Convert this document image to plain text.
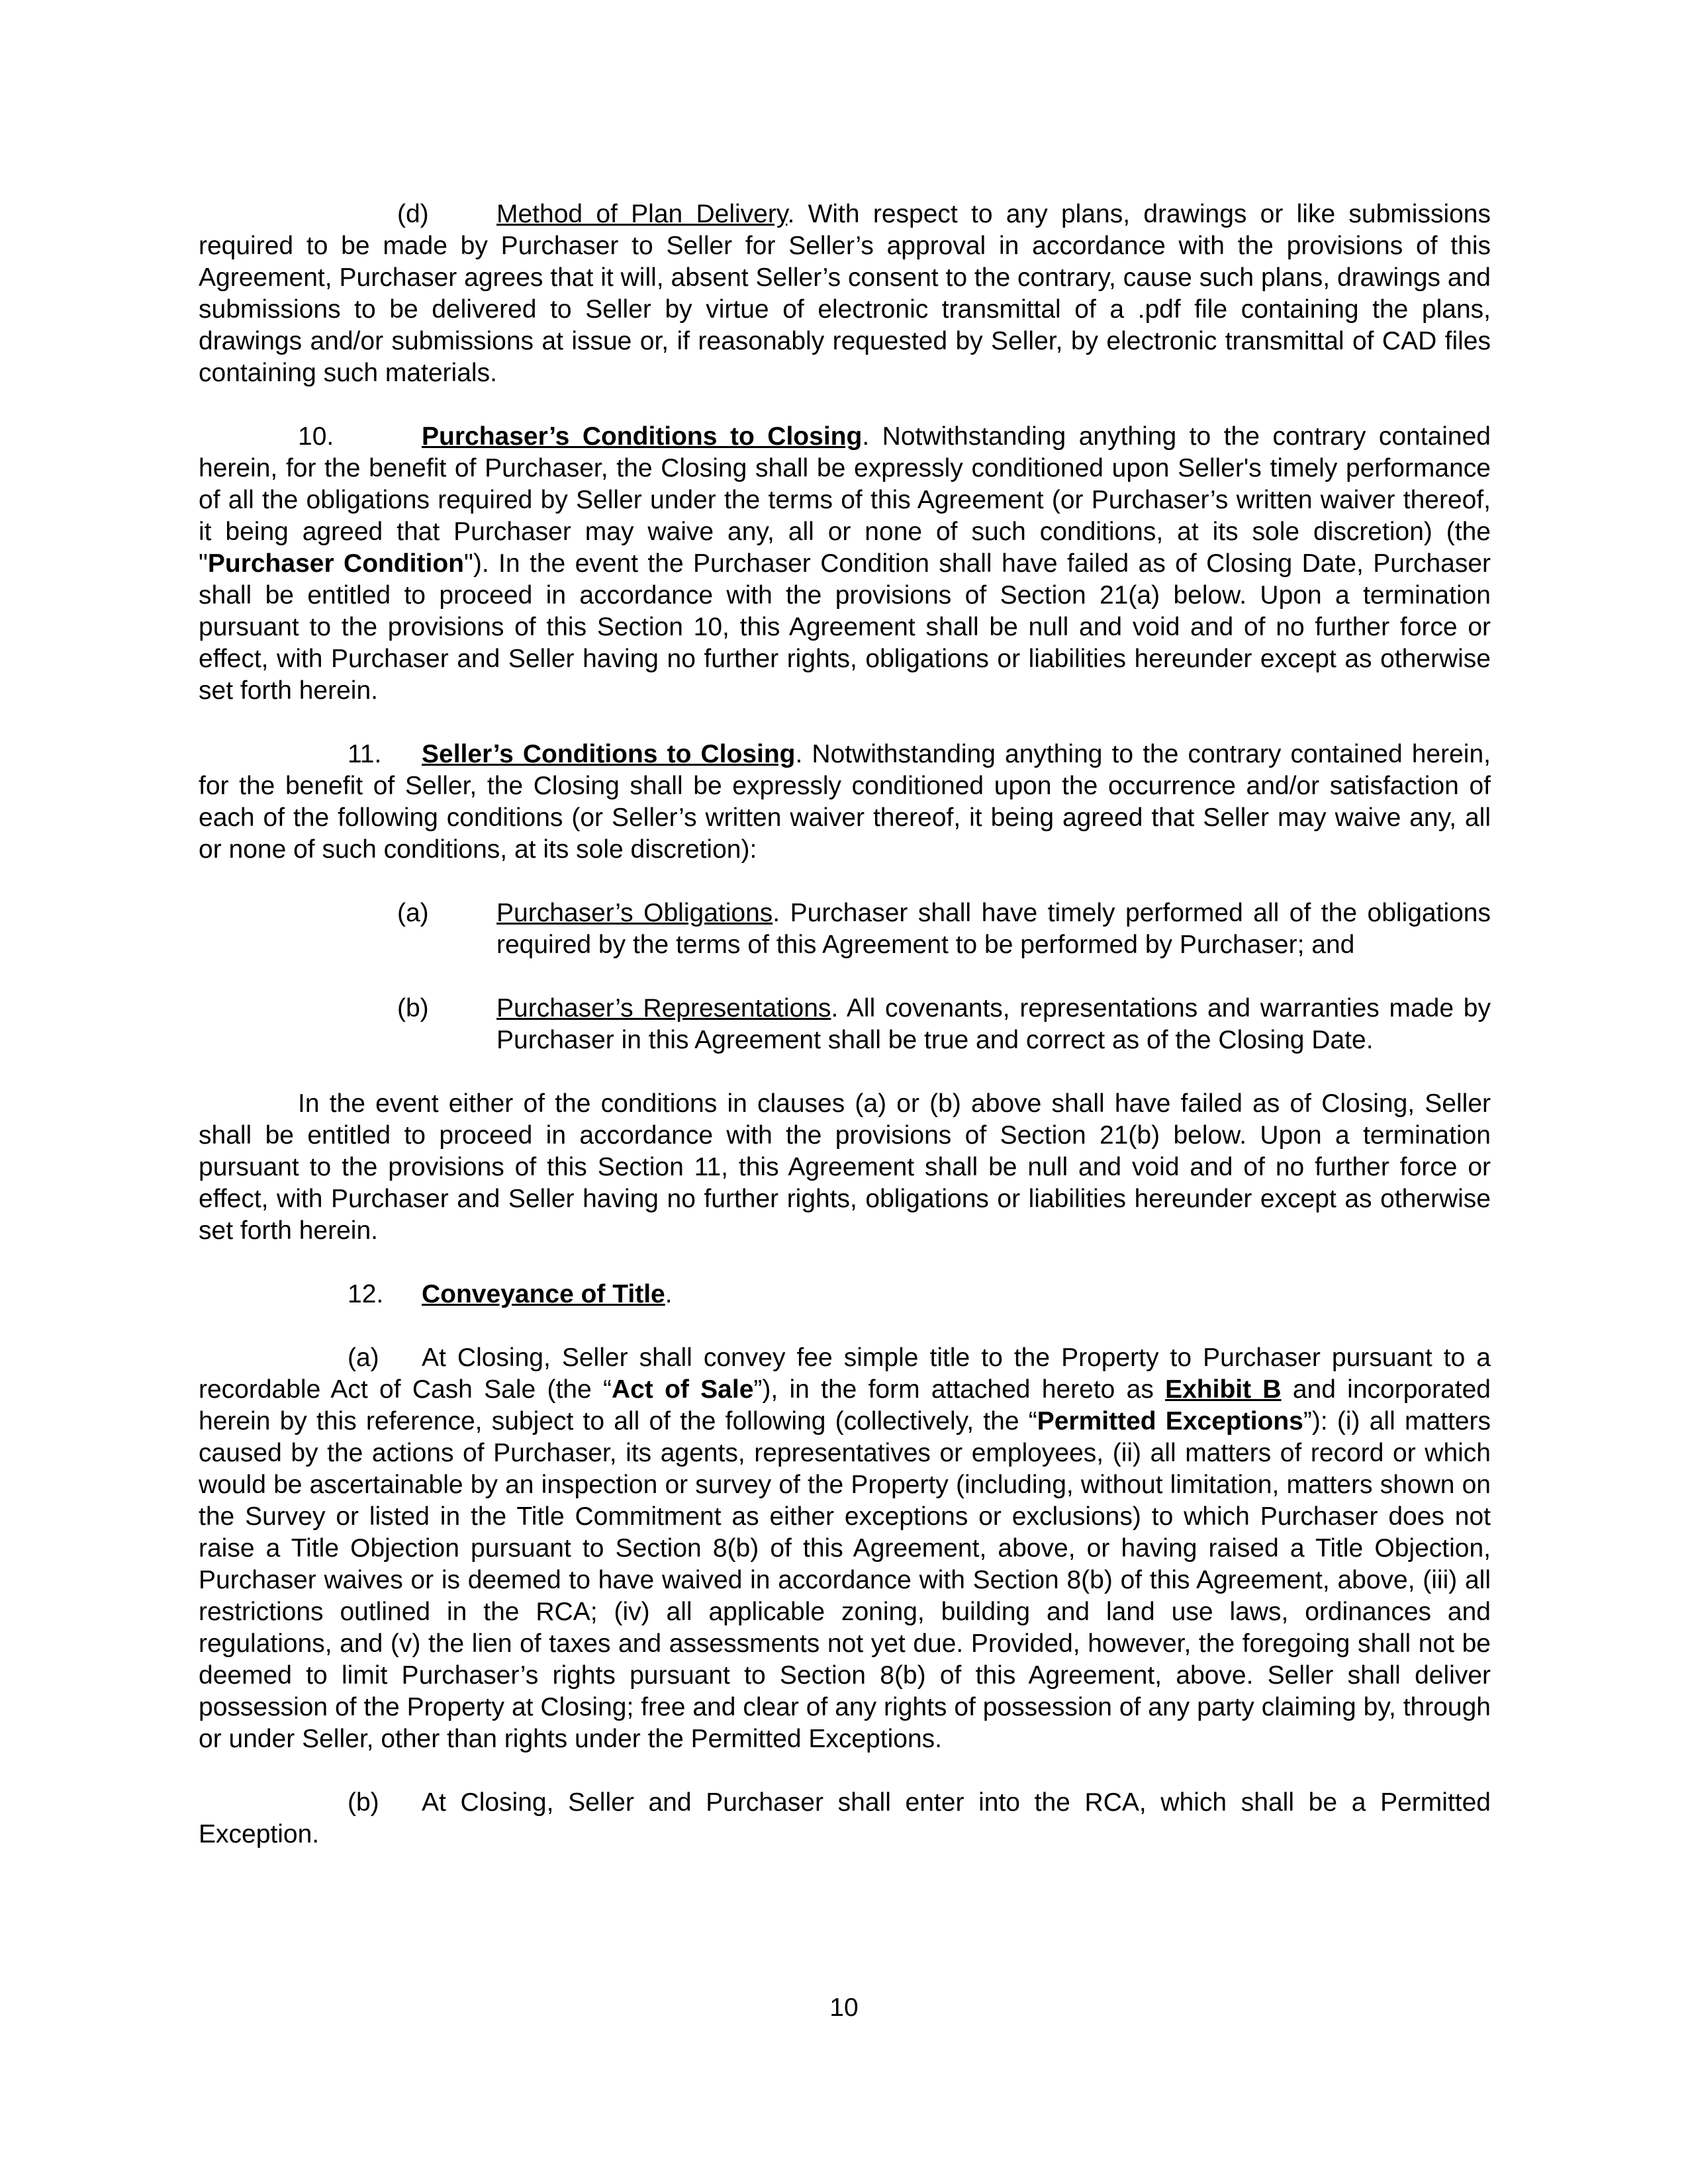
(d)	Method of Plan Delivery. With respect to any plans, drawings or like submissions required to be made by Purchaser to Seller for Seller’s approval in accordance with the provisions of this Agreement, Purchaser agrees that it will, absent Seller’s consent to the contrary, cause such plans, drawings and submissions to be delivered to Seller by virtue of electronic transmittal of a .pdf file containing the plans, drawings and/or submissions at issue or, if reasonably requested by Seller, by electronic transmittal of CAD files containing such materials.

10.	Purchaser’s Conditions to Closing. Notwithstanding anything to the contrary contained herein, for the benefit of Purchaser, the Closing shall be expressly conditioned upon Seller's timely performance of all the obligations required by Seller under the terms of this Agreement (or Purchaser’s written waiver thereof, it being agreed that Purchaser may waive any, all or none of such conditions, at its sole discretion) (the "Purchaser Condition"). In the event the Purchaser Condition shall have failed as of Closing Date, Purchaser shall be entitled to proceed in accordance with the provisions of Section 21(a) below. Upon a termination pursuant to the provisions of this Section 10, this Agreement shall be null and void and of no further force or effect, with Purchaser and Seller having no further rights, obligations or liabilities hereunder except as otherwise set forth herein.

11. Seller’s Conditions to Closing. Notwithstanding anything to the contrary contained herein, for the benefit of Seller, the Closing shall be expressly conditioned upon the occurrence and/or satisfaction of each of the following conditions (or Seller’s written waiver thereof, it being agreed that Seller may waive any, all or none of such conditions, at its sole discretion):

(a)	Purchaser’s Obligations. Purchaser shall have timely performed all of the obligations required by the terms of this Agreement to be performed by Purchaser; and
(b)	Purchaser’s Representations. All covenants, representations and warranties made by Purchaser in this Agreement shall be true and correct as of the Closing Date.

In the event either of the conditions in clauses (a) or (b) above shall have failed as of Closing, Seller shall be entitled to proceed in accordance with the provisions of Section 21(b) below. Upon a termination pursuant to the provisions of this Section 11, this Agreement shall be null and void and of no further force or effect, with Purchaser and Seller having no further rights, obligations or liabilities hereunder except as otherwise set forth herein.

12. Conveyance of Title.

(a) At Closing, Seller shall convey fee simple title to the Property to Purchaser pursuant to a recordable Act of Cash Sale (the “Act of Sale”), in the form attached hereto as Exhibit B and incorporated herein by this reference, subject to all of the following (collectively, the “Permitted Exceptions”): (i) all matters caused by the actions of Purchaser, its agents, representatives or employees, (ii) all matters of record or which would be ascertainable by an inspection or survey of the Property (including, without limitation, matters shown on the Survey or listed in the Title Commitment as either exceptions or exclusions) to which Purchaser does not raise a Title Objection pursuant to Section 8(b) of this Agreement, above, or having raised a Title Objection, Purchaser waives or is deemed to have waived in accordance with Section 8(b) of this Agreement, above, (iii) all restrictions outlined in the RCA; (iv) all applicable zoning, building and land use laws, ordinances and regulations, and (v) the lien of taxes and assessments not yet due. Provided, however, the foregoing shall not be deemed to limit Purchaser’s rights pursuant to Section 8(b) of this Agreement, above. Seller shall deliver possession of the Property at Closing; free and clear of any rights of possession of any party claiming by, through or under Seller, other than rights under the Permitted Exceptions.

(b) At Closing, Seller and Purchaser shall enter into the RCA, which shall be a Permitted Exception.

10
